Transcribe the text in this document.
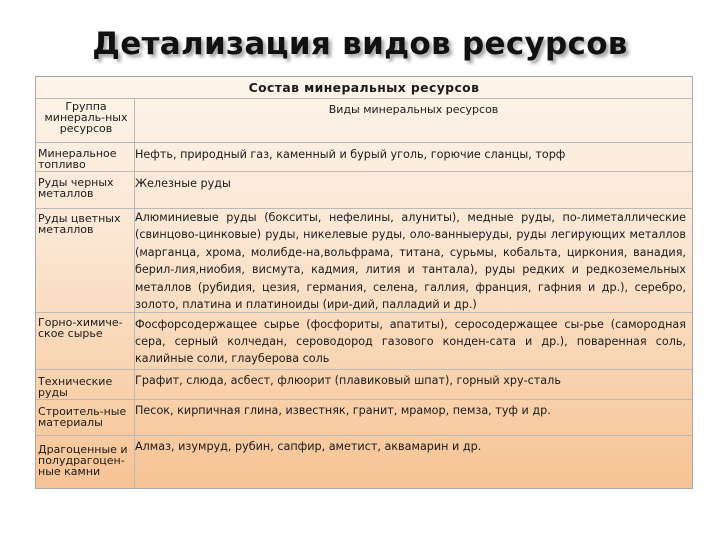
Детализация видов ресурсов
Состав минеральных ресурсов
Группа минераль-ных ресурсов
Виды минеральных ресурсов
Минеральное топливо
Нефть, природный газ, каменный и бурый уголь, горючие сланцы, торф
Руды черных металлов
Железные руды
Руды цветных металлов
Алюминиевые руды (бокситы, нефелины, алуниты), медные руды, по-лиметаллические (свинцово-цинковые) руды, никелевые руды, оло-ванныеруды, руды легирующих металлов (марганца, хрома, молибде-на,вольфрама, титана, сурьмы, кобальта, циркония, ванадия, берил-лия,ниобия, висмута, кадмия, лития и тантала), руды редких и редкоземельных металлов (рубидия, цезия, германия, селена, галлия, франция, гафния и др.), серебро, золото, платина и платиноиды (ири-дий, палладий и др.)
Горно-химиче-ское сырье
Фосфорсодержащее сырье (фосфориты, апатиты), серосодержащее сы-рье (самородная сера, серный колчедан, сероводород газового конден-сата и др.), поваренная соль, калийные соли, глауберова соль
Технические руды
Графит, слюда, асбест, флюорит (плавиковый шпат), горный хру-сталь
Строитель-ные материалы
Песок, кирпичная глина, известняк, гранит, мрамор, пемза, туф и др.
Драгоценные и полудрагоцен-ные камни
Алмаз, изумруд, рубин, сапфир, аметист, аквамарин и др.
